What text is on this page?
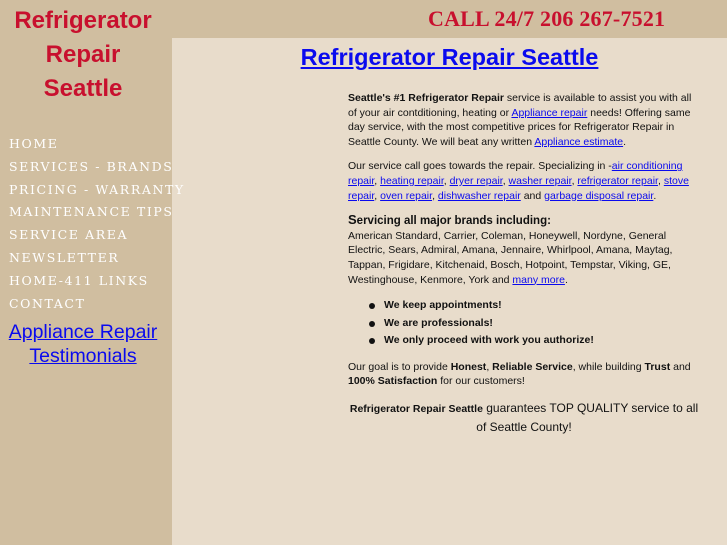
Refrigerator
Repair
Seattle
CALL 24/7 206 267-7521
HOME
SERVICES - BRANDS
PRICING - WARRANTY
MAINTENANCE TIPS
SERVICE AREA
NEWSLETTER
HOME-411 LINKS
CONTACT
Appliance Repair
Testimonials
Refrigerator Repair Seattle

Seattle's #1 Refrigerator Repair service is available to assist you with all of your air contditioning, heating or Appliance repair needs! Offering same day service, with the most competitive prices for Refrigerator Repair in Seattle County. We will beat any written Appliance estimate.

Our service call goes towards the repair. Specializing in -air conditioning repair, heating repair, dryer repair, washer repair, refrigerator repair, stove repair, oven repair, dishwasher repair and garbage disposal repair.

Servicing all major brands including:

American Standard, Carrier, Coleman, Honeywell, Nordyne, General Electric, Sears, Admiral, Amana, Jennaire, Whirlpool, Amana, Maytag, Tappan, Frigidare, Kitchenaid, Bosch, Hotpoint, Tempstar, Viking, GE, Westinghouse, Kenmore, York and many more.

We keep appointments!
We are professionals!
We only proceed with work you authorize!

Our goal is to provide Honest, Reliable Service, while building Trust and 100% Satisfaction for our customers!

Refrigerator Repair Seattle guarantees TOP QUALITY service to all of Seattle County!
